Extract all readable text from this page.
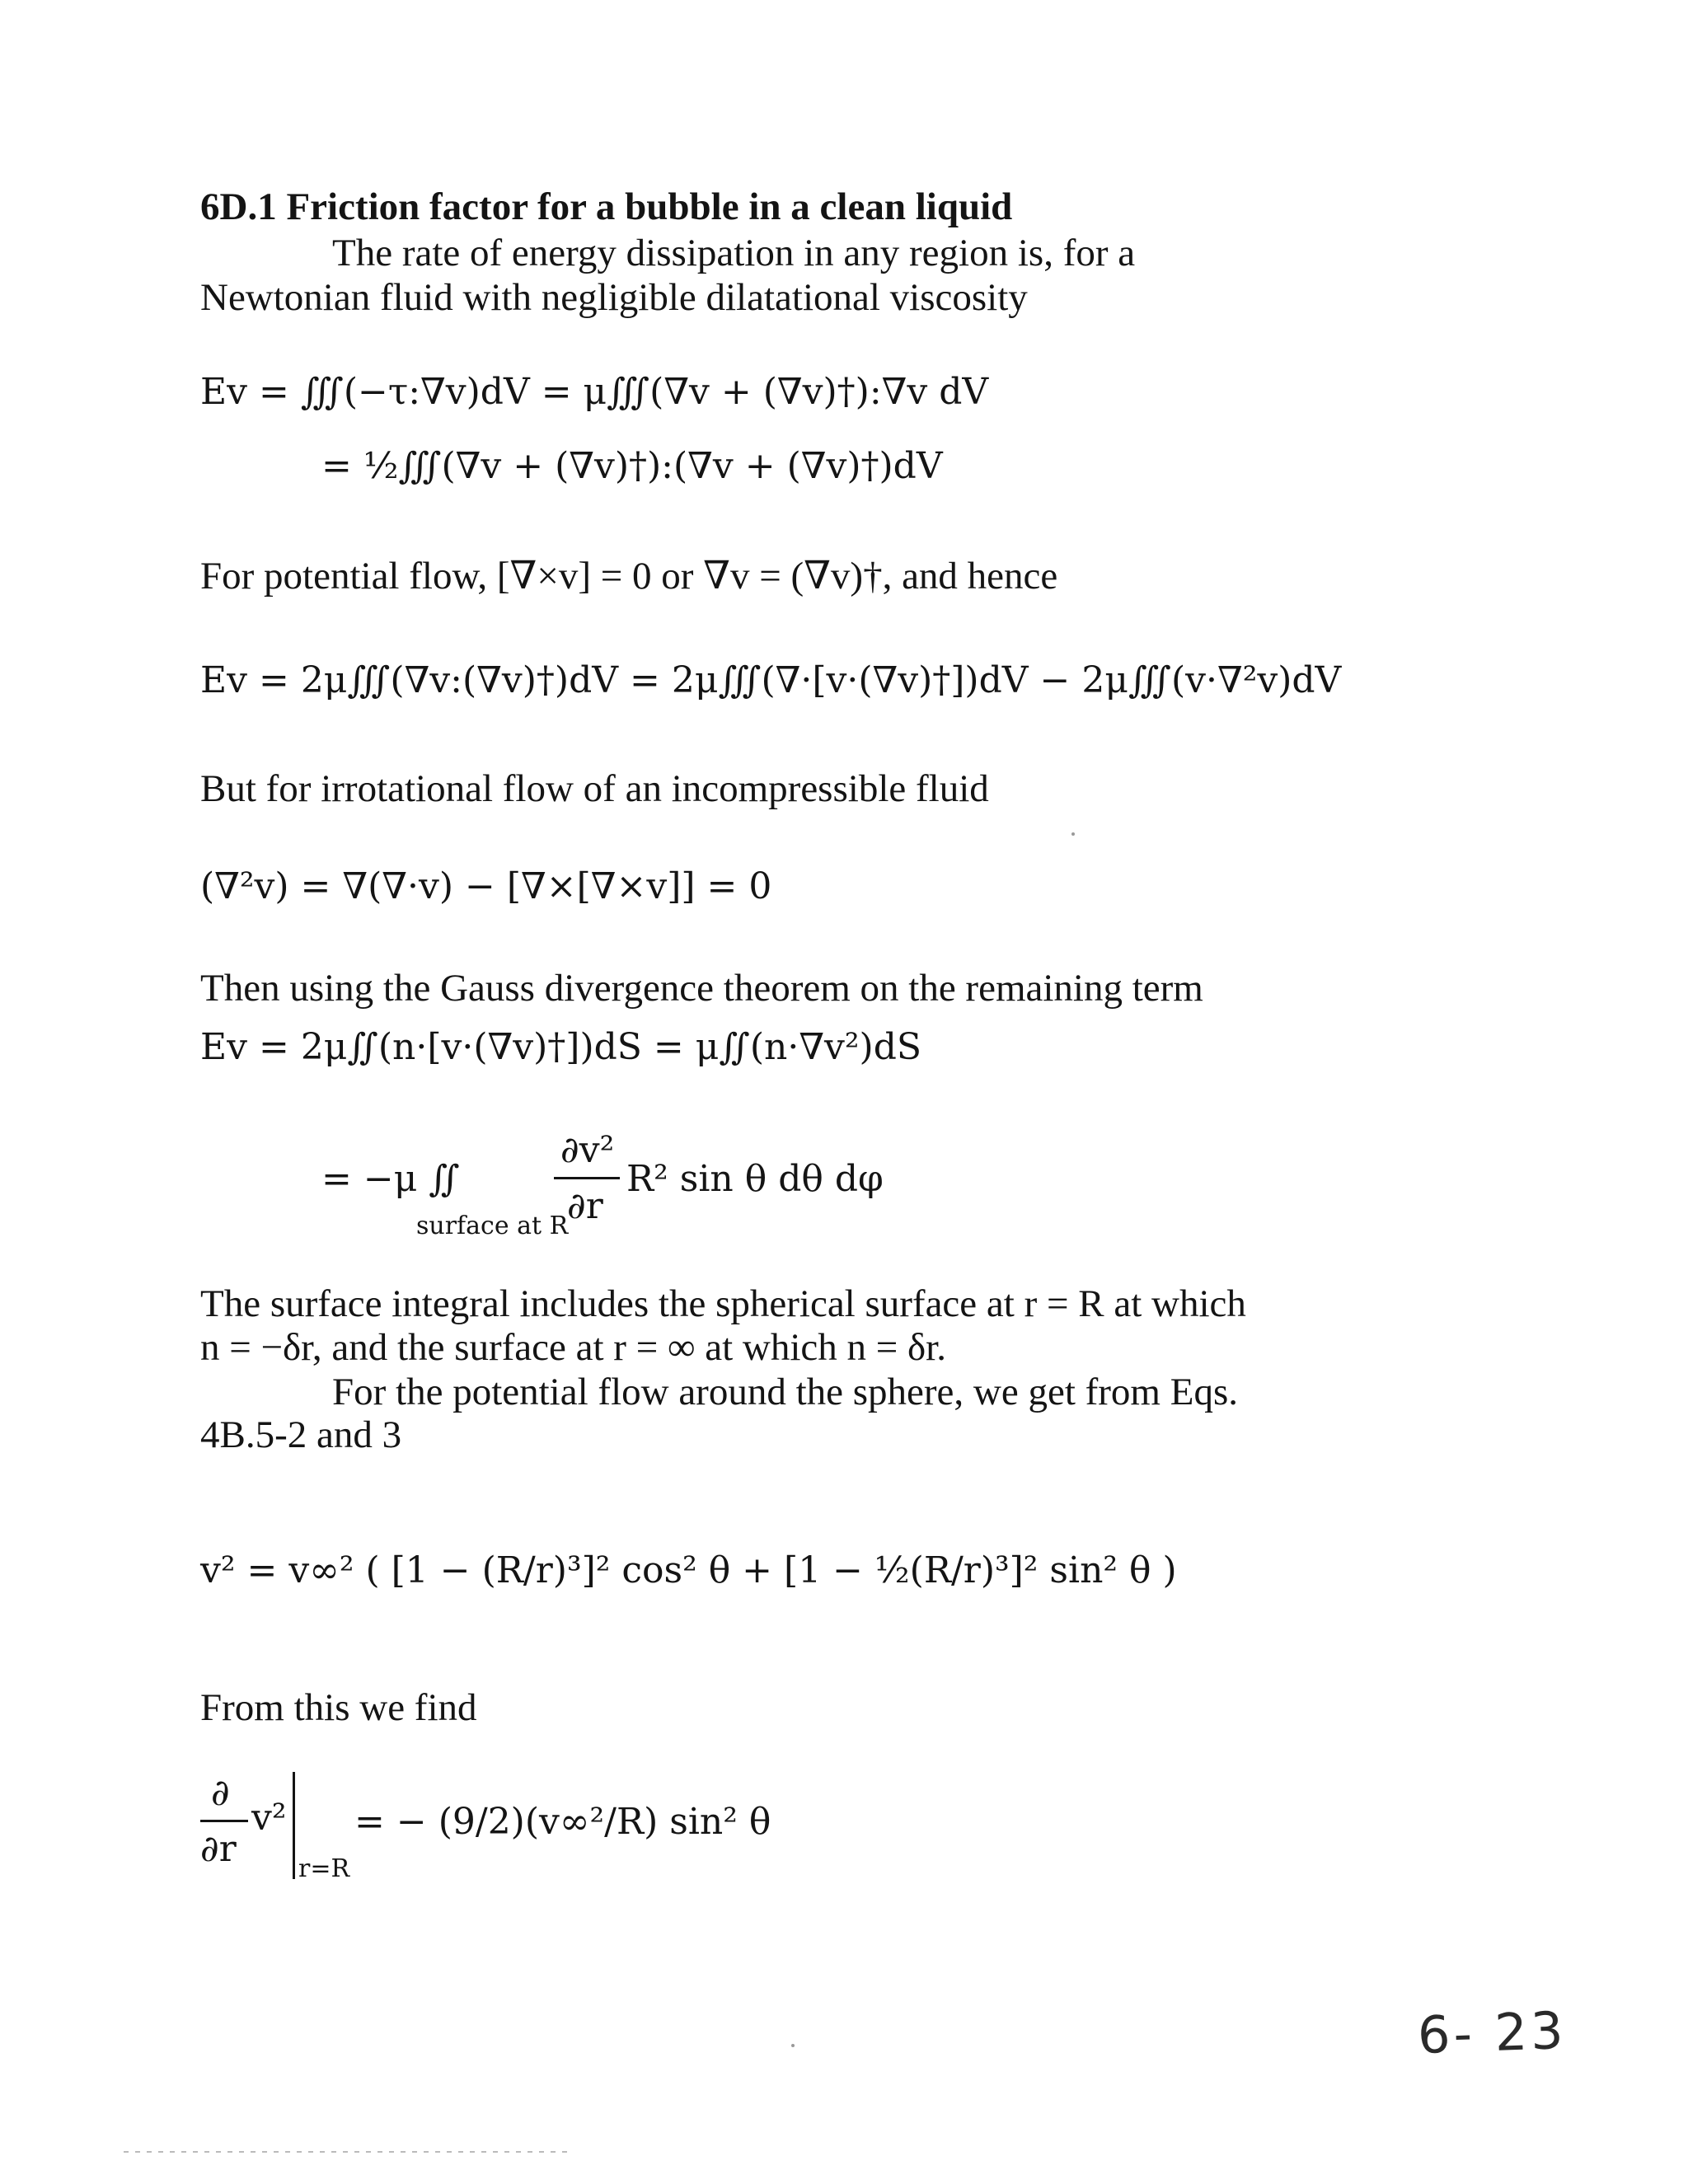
6D.1 Friction factor for a bubble in a clean liquid
The rate of energy dissipation in any region is, for a
Newtonian fluid with negligible dilatational viscosity
Ev = ∭(−τ:∇v)dV = μ∭(∇v + (∇v)†):∇v dV
= ½∭(∇v + (∇v)†):(∇v + (∇v)†)dV
For potential flow, [∇×v] = 0 or ∇v = (∇v)†, and hence
Ev = 2μ∭(∇v:(∇v)†)dV = 2μ∭(∇·[v·(∇v)†])dV − 2μ∭(v·∇²v)dV
But for irrotational flow of an incompressible fluid
(∇²v) = ∇(∇·v) − [∇×[∇×v]] = 0
Then using the Gauss divergence theorem on the remaining term
Ev = 2μ∬(n·[v·(∇v)†])dS = μ∬(n·∇v²)dS
= −μ ∬
surface at R
∂v²
∂r
R² sin θ dθ dφ
The surface integral includes the spherical surface at r = R at which
n = −δr, and the surface at r = ∞ at which n = δr.
For the potential flow around the sphere, we get from Eqs.
4B.5-2 and 3
v² = v∞² ( [1 − (R/r)³]² cos² θ + [1 − ½(R/r)³]² sin² θ )
From this we find
∂
∂r
v²
r=R
= − (9/2)(v∞²/R) sin² θ
6- 23
